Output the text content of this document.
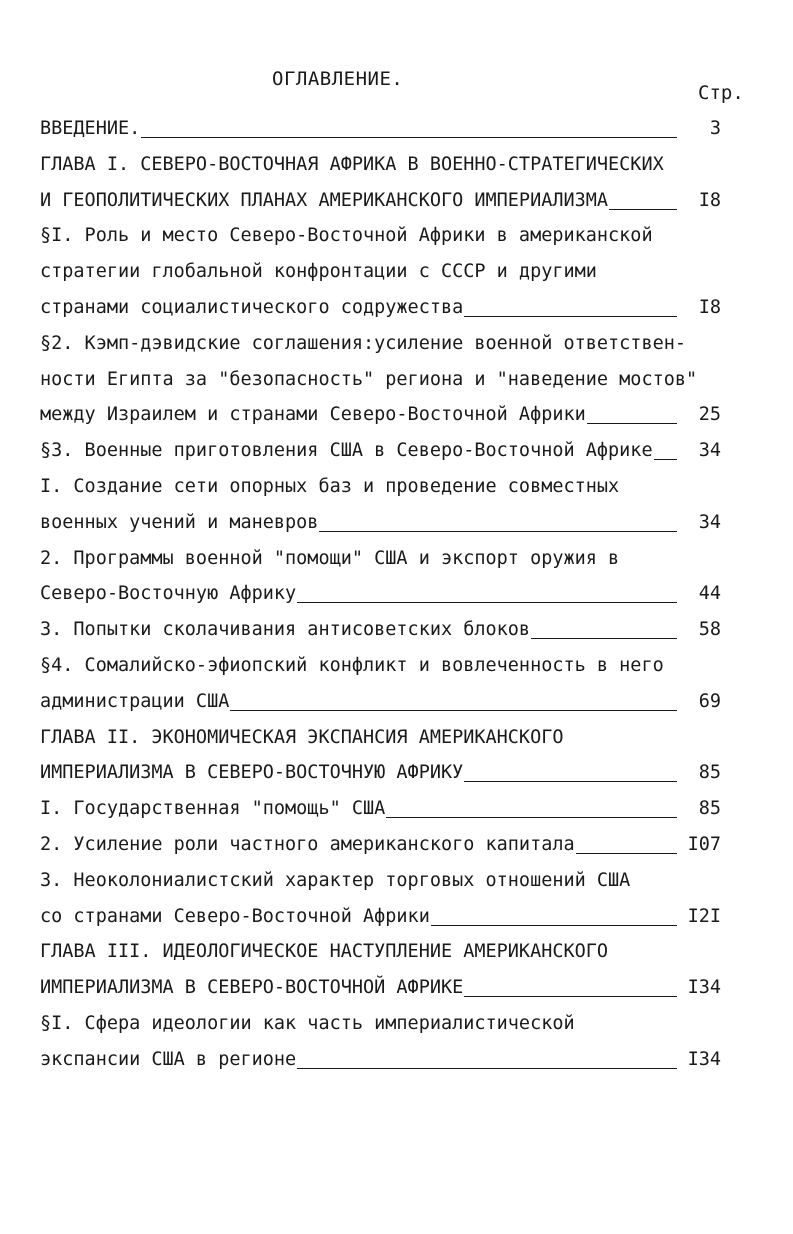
ОГЛАВЛЕНИЕ.
Стр.
ВВЕДЕНИЕ.	3
ГЛАВА I. СЕВЕРО-ВОСТОЧНАЯ АФРИКА В ВОЕННО-СТРАТЕГИЧЕСКИХ
И ГЕОПОЛИТИЧЕСКИХ ПЛАНАХ АМЕРИКАНСКОГО ИМПЕРИАЛИЗМА	I8
§I. Роль и место Северо-Восточной Африки в американской
стратегии глобальной конфронтации с СССР и другими
странами социалистического содружества	I8
§2. Кэмп-дэвидские соглашения:усиление военной ответствен-
ности Египта за "безопасность" региона и "наведение мостов"
между Израилем и странами Северо-Восточной Африки	25
§3. Военные приготовления США в Северо-Восточной Африке	34
I. Создание сети опорных баз и проведение совместных
военных учений и маневров	34
2. Программы военной "помощи" США и экспорт оружия в
Северо-Восточную Африку	44
3. Попытки сколачивания антисоветских блоков	58
§4. Сомалийско-эфиопский конфликт и вовлеченность в него
администрации США	69
ГЛАВА II. ЭКОНОМИЧЕСКАЯ ЭКСПАНСИЯ АМЕРИКАНСКОГО
ИМПЕРИАЛИЗМА В СЕВЕРО-ВОСТОЧНУЮ АФРИКУ	85
I. Государственная "помощь" США	85
2. Усиление роли частного американского капитала	I07
3. Неоколониалистский характер торговых отношений США
со странами Северо-Восточной Африки	I2I
ГЛАВА III. ИДЕОЛОГИЧЕСКОЕ НАСТУПЛЕНИЕ АМЕРИКАНСКОГО
ИМПЕРИАЛИЗМА В СЕВЕРО-ВОСТОЧНОЙ АФРИКЕ	I34
§I. Сфера идеологии как часть империалистической
экспансии США в регионе	I34
